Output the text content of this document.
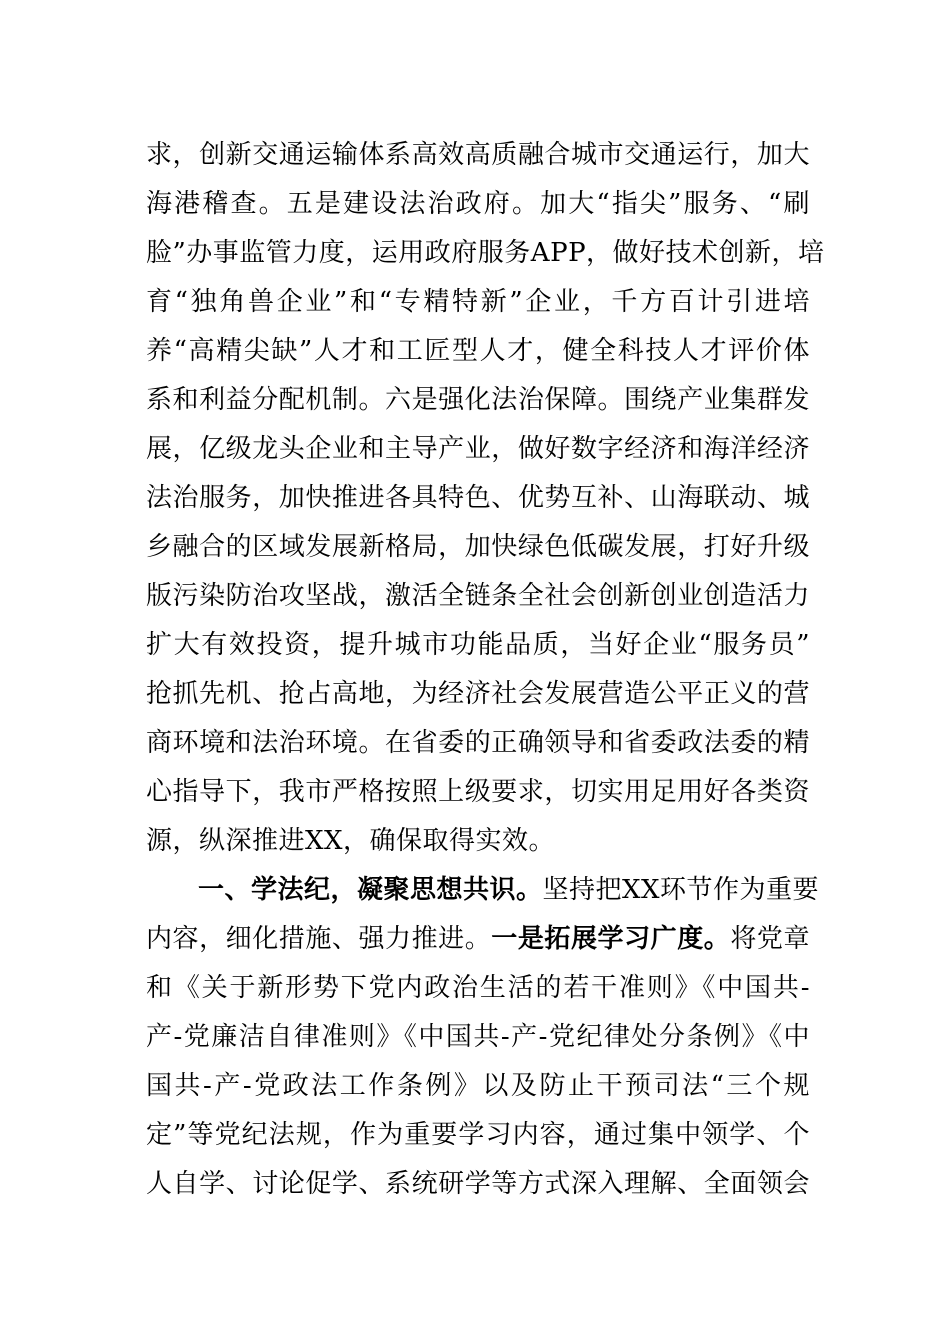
求，创新交通运输体系高效高质融合城市交通运行，加大
海港稽查。五是建设法治政府。加大“指尖”服务、“刷
脸”办事监管力度，运用政府服务APP，做好技术创新，培
育“独角兽企业”和“专精特新”企业，千方百计引进培
养“高精尖缺”人才和工匠型人才，健全科技人才评价体
系和利益分配机制。六是强化法治保障。围绕产业集群发
展，亿级龙头企业和主导产业，做好数字经济和海洋经济
法治服务，加快推进各具特色、优势互补、山海联动、城
乡融合的区域发展新格局，加快绿色低碳发展，打好升级
版污染防治攻坚战，激活全链条全社会创新创业创造活力
扩大有效投资，提升城市功能品质，当好企业“服务员”
抢抓先机、抢占高地，为经济社会发展营造公平正义的营
商环境和法治环境。在省委的正确领导和省委政法委的精
心指导下，我市严格按照上级要求，切实用足用好各类资
源，纵深推进XX，确保取得实效。
一、学法纪，凝聚思想共识。坚持把XX环节作为重要
内容，细化措施、强力推进。一是拓展学习广度。将党章
和《关于新形势下党内政治生活的若干准则》《中国共-
产-党廉洁自律准则》《中国共-产-党纪律处分条例》《中
国共-产-党政法工作条例》以及防止干预司法“三个规
定”等党纪法规，作为重要学习内容，通过集中领学、个
人自学、讨论促学、系统研学等方式深入理解、全面领会
